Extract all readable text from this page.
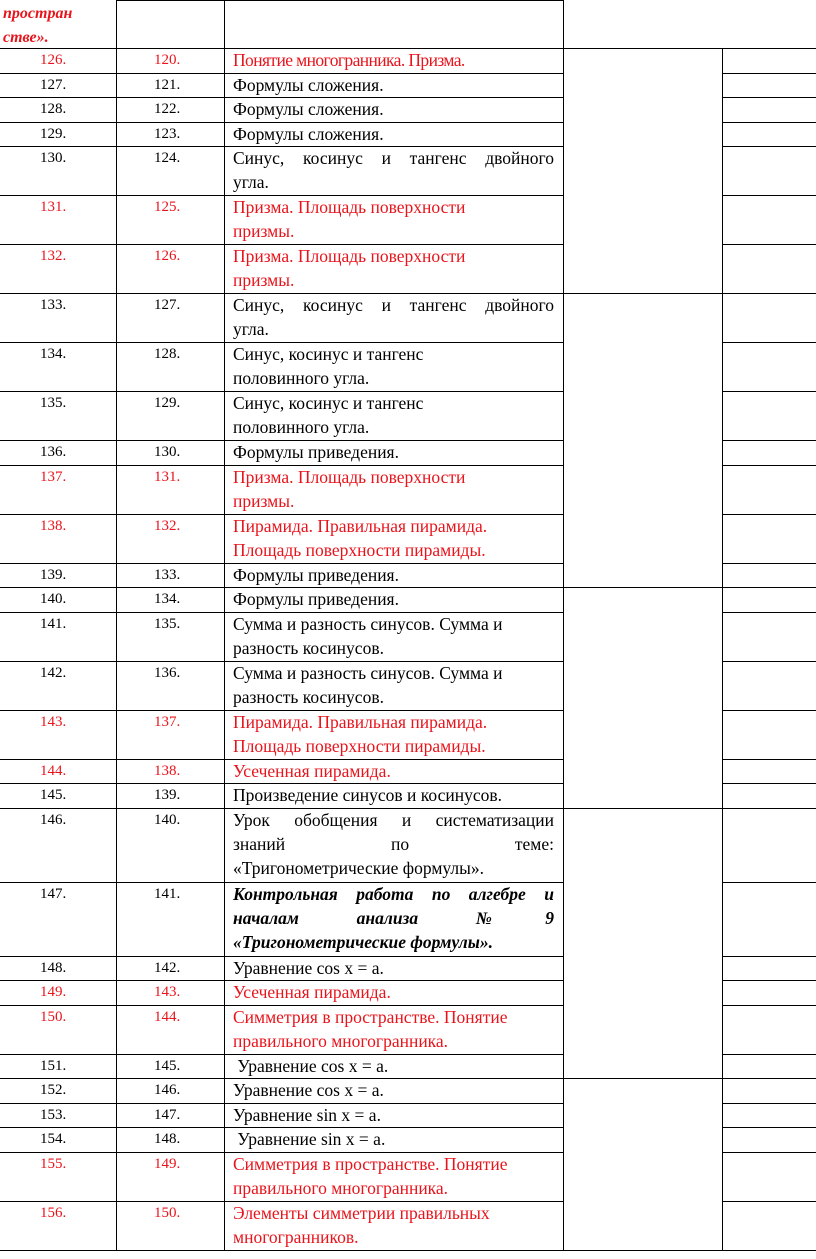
простран
стве».
126.	120.	Понятие многогранника. Призма.
127.	121.	Формулы сложения.
128.	122.	Формулы сложения.
129.	123.	Формулы сложения.
130.	124.	Синус, косинус и тангенс двойного
угла.
131.	125.	Призма. Площадь поверхности
призмы.
132.	126.	Призма. Площадь поверхности
призмы.
133.	127.	Синус, косинус и тангенс двойного
угла.
134.	128.	Синус, косинус и тангенс
половинного угла.
135.	129.	Синус, косинус и тангенс
половинного угла.
136.	130.	Формулы приведения.
137.	131.	Призма. Площадь поверхности
призмы.
138.	132.	Пирамида. Правильная пирамида.
Площадь поверхности пирамиды.
139.	133.	Формулы приведения.
140.	134.	Формулы приведения.
141.	135.	Сумма и разность синусов. Сумма и
разность косинусов.
142.	136.	Сумма и разность синусов. Сумма и
разность косинусов.
143.	137.	Пирамида. Правильная пирамида.
Площадь поверхности пирамиды.
144.	138.	Усеченная пирамида.
145.	139.	Произведение синусов и косинусов.
146.	140.	Урок обобщения и систематизации
знаний по теме:
«Тригонометрические формулы».
147.	141.	Контрольная работа по алгебре и
началам анализа №9
«Тригонометрические формулы».
148.	142.	Уравнение cos x = a.
149.	143.	Усеченная пирамида.
150.	144.	Симметрия в пространстве. Понятие
правильного многогранника.
151.	145.	Уравнение cos x = a.
152.	146.	Уравнение cos x = a.
153.	147.	Уравнение sin x = a.
154.	148.	Уравнение sin x = a.
155.	149.	Симметрия в пространстве. Понятие
правильного многогранника.
156.	150.	Элементы симметрии правильных
многогранников.
